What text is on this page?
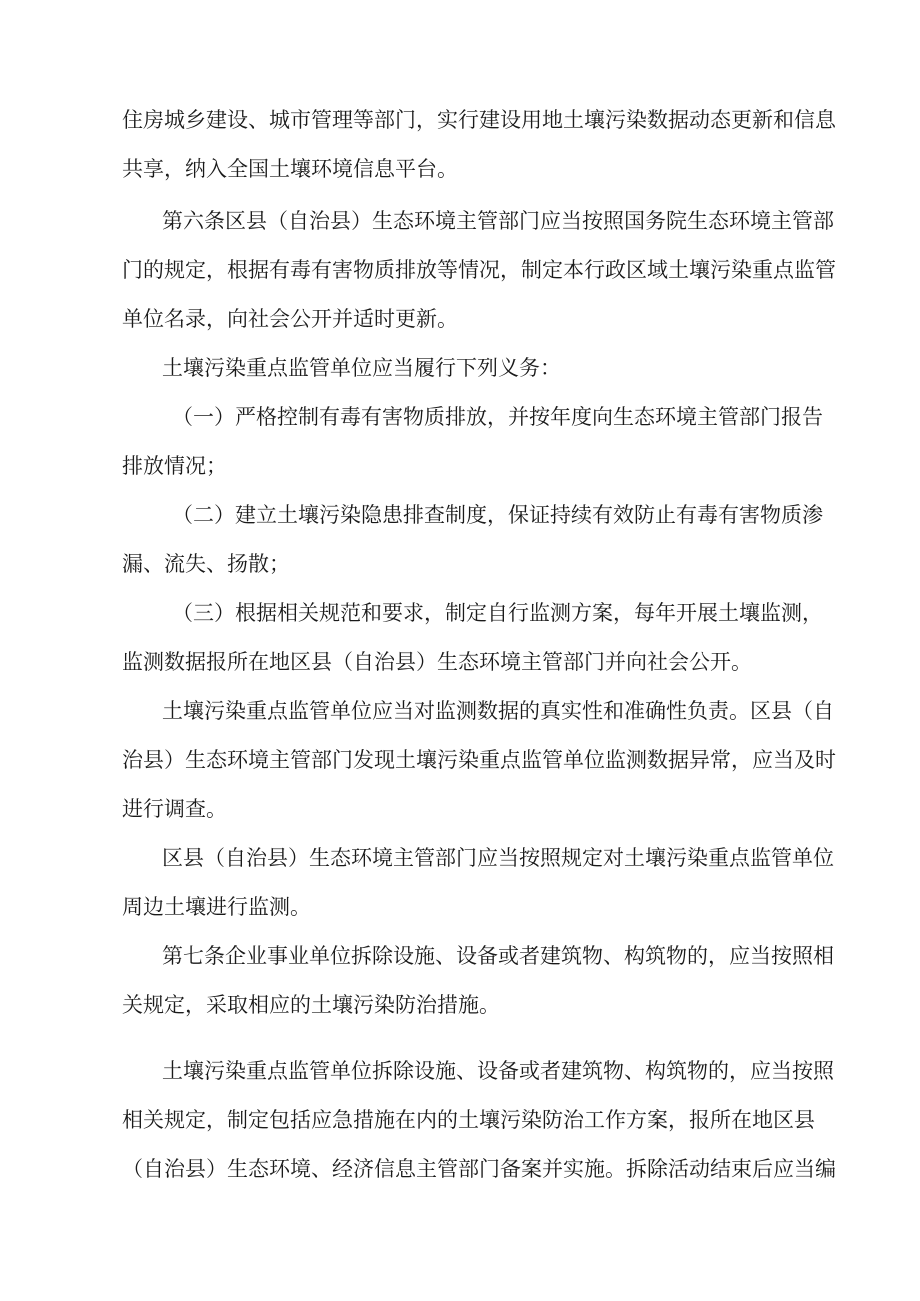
住房城乡建设、城市管理等部门，实行建设用地土壤污染数据动态更新和信息
共享，纳入全国土壤环境信息平台。
第六条区县（自治县）生态环境主管部门应当按照国务院生态环境主管部
门的规定，根据有毒有害物质排放等情况，制定本行政区域土壤污染重点监管
单位名录，向社会公开并适时更新。
土壤污染重点监管单位应当履行下列义务：
（一）严格控制有毒有害物质排放，并按年度向生态环境主管部门报告
排放情况；
（二）建立土壤污染隐患排查制度，保证持续有效防止有毒有害物质渗
漏、流失、扬散；
（三）根据相关规范和要求，制定自行监测方案，每年开展土壤监测，
监测数据报所在地区县（自治县）生态环境主管部门并向社会公开。
土壤污染重点监管单位应当对监测数据的真实性和准确性负责。区县（自
治县）生态环境主管部门发现土壤污染重点监管单位监测数据异常，应当及时
进行调查。
区县（自治县）生态环境主管部门应当按照规定对土壤污染重点监管单位
周边土壤进行监测。
第七条企业事业单位拆除设施、设备或者建筑物、构筑物的，应当按照相
关规定，采取相应的土壤污染防治措施。
土壤污染重点监管单位拆除设施、设备或者建筑物、构筑物的，应当按照
相关规定，制定包括应急措施在内的土壤污染防治工作方案，报所在地区县
（自治县）生态环境、经济信息主管部门备案并实施。拆除活动结束后应当编
